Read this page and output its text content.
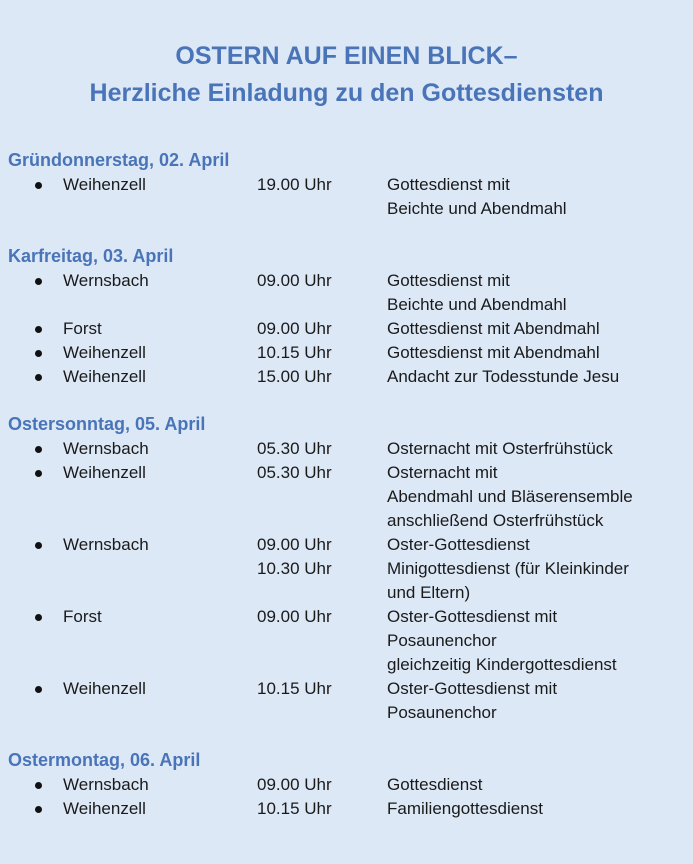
OSTERN AUF EINEN BLICK–
Herzliche Einladung zu den Gottesdiensten
Gründonnerstag, 02. April
Weihenzell	19.00 Uhr	Gottesdienst mit
Beichte und Abendmahl
Karfreitag, 03. April
Wernsbach	09.00 Uhr	Gottesdienst mit
Beichte und Abendmahl
Forst	09.00 Uhr	Gottesdienst mit Abendmahl
Weihenzell	10.15 Uhr	Gottesdienst mit Abendmahl
Weihenzell	15.00 Uhr	Andacht zur Todesstunde Jesu
Ostersonntag, 05. April
Wernsbach	05.30 Uhr	Osternacht mit Osterfrühstück
Weihenzell	05.30 Uhr	Osternacht mit
Abendmahl und Bläserensemble
anschließend Osterfrühstück
Wernsbach	09.00 Uhr	Oster-Gottesdienst
10.30 Uhr	Minigottesdienst (für Kleinkinder
und Eltern)
Forst	09.00 Uhr	Oster-Gottesdienst mit
Posaunenchor
gleichzeitig Kindergottesdienst
Weihenzell	10.15 Uhr	Oster-Gottesdienst mit
Posaunenchor
Ostermontag, 06. April
Wernsbach	09.00 Uhr	Gottesdienst
Weihenzell	10.15 Uhr	Familiengottesdienst
